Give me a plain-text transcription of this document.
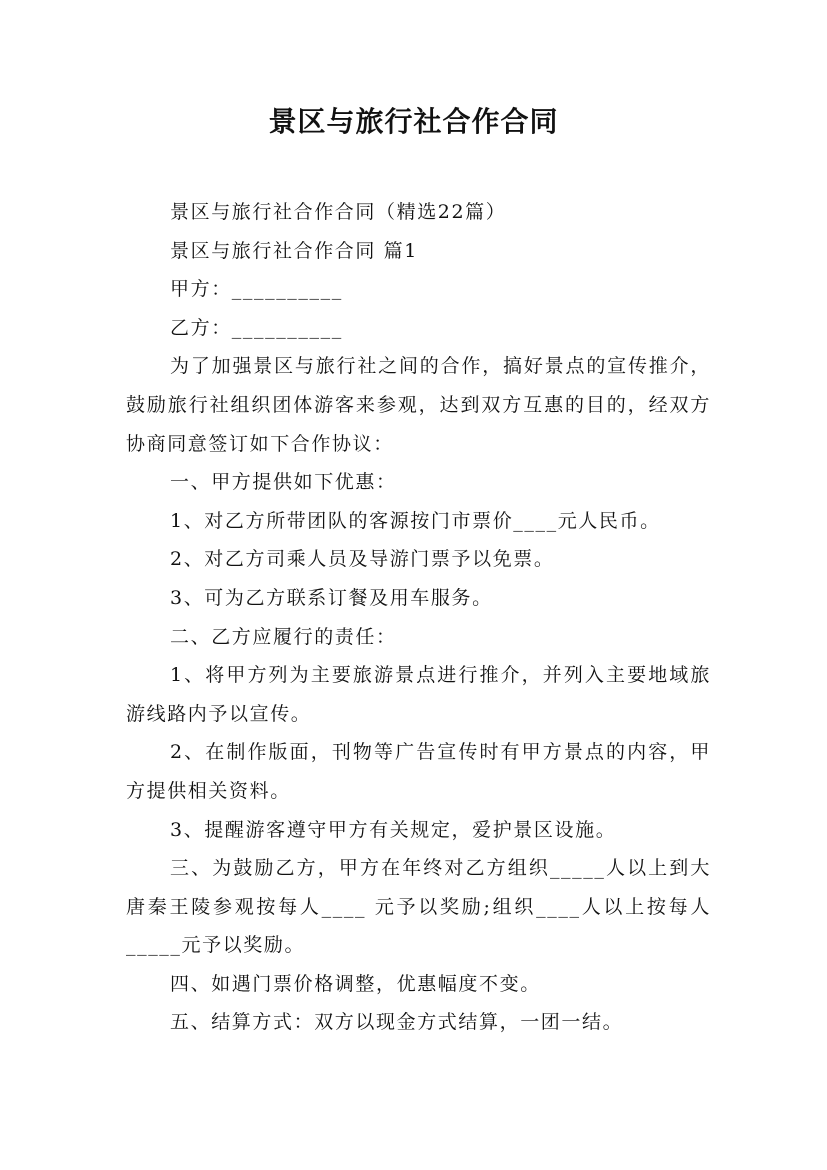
景区与旅行社合作合同

景区与旅行社合作合同（精选22篇）

景区与旅行社合作合同 篇1

甲方：__________

乙方：__________

为了加强景区与旅行社之间的合作，搞好景点的宣传推介，鼓励旅行社组织团体游客来参观，达到双方互惠的目的，经双方协商同意签订如下合作协议：

一、甲方提供如下优惠：

1、对乙方所带团队的客源按门市票价____元人民币。

2、对乙方司乘人员及导游门票予以免票。

3、可为乙方联系订餐及用车服务。

二、乙方应履行的责任：

1、将甲方列为主要旅游景点进行推介，并列入主要地域旅游线路内予以宣传。

2、在制作版面，刊物等广告宣传时有甲方景点的内容，甲方提供相关资料。

3、提醒游客遵守甲方有关规定，爱护景区设施。

三、为鼓励乙方，甲方在年终对乙方组织_____人以上到大唐秦王陵参观按每人____ 元予以奖励;组织____人以上按每人_____元予以奖励。

四、如遇门票价格调整，优惠幅度不变。

五、结算方式：双方以现金方式结算，一团一结。
